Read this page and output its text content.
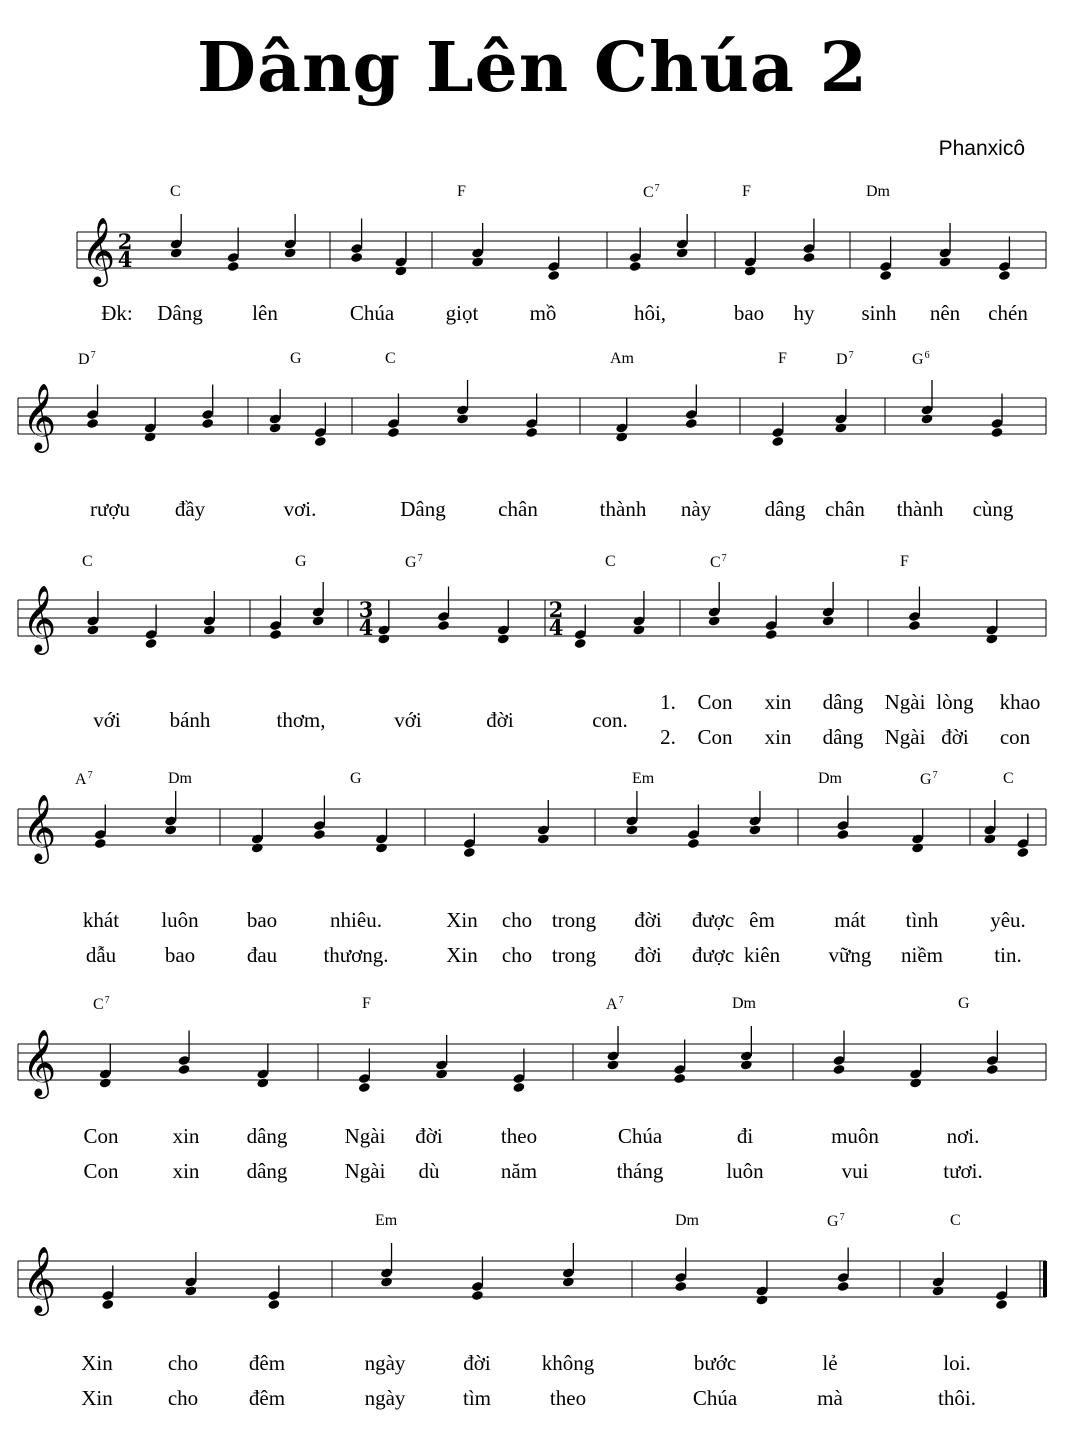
Dâng Lên Chúa 2
Phanxicô
𝄞 2
4
𝄞
𝄞	3
4
2
4
𝄞
𝄞
𝄞
C	F	$C^7$	F	Dm
Đk: Dâng lên	Chúa giọt mồ	hôi,	bao hy sinh nên chén
$D^7$	G	C	Am	F	$D^7$	$G^6$
rượu đầy	vơi.	Dâng chân	thành này	dâng chân thành cùng
C	G	$G^7$	C	$C^7$	F
với bánh	thơm,	với	đời	con.
1. Con xin dâng Ngài lòng khao
2. Con xin dâng Ngài đời con
$A^7$	Dm	G	Em	Dm	$G^7$	C
khát luôn bao	nhiêu.	Xin cho trong đời được êm	mát tình yêu.
dẫu bao đau thương.	Xin cho trong đời được kiên vững niềm tin.
$C^7$	F	$A^7$	Dm	G
Con	xin dâng	Ngài đời	theo	Chúa	đi	muôn	nơi.
Con	xin dâng	Ngài dù	năm	tháng	luôn	vui	tươi.
Em	Dm	$G^7$	C
Xin	cho đêm	ngày	đời không	bước	lẻ	loi.
Xin	cho đêm	ngày	tìm	theo	Chúa	mà	thôi.
